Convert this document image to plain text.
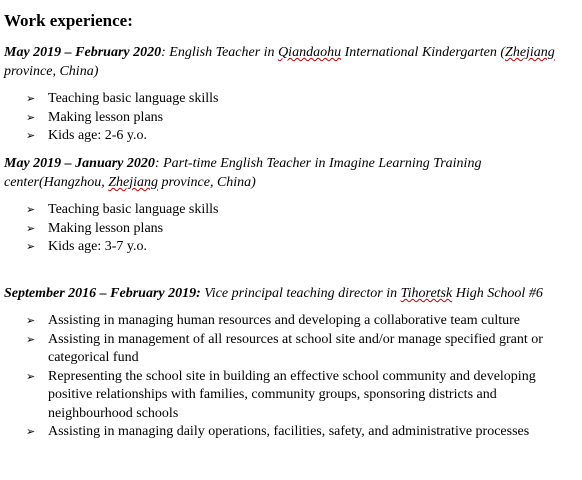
Work experience:
May 2019 – February 2020: English Teacher in Qiandaohu International Kindergarten (Zhejiang province, China)
➢ Teaching basic language skills
➢ Making lesson plans
➢ Kids age: 2-6 y.o.
May 2019 – January 2020: Part-time English Teacher in Imagine Learning Training center(Hangzhou, Zhejiang province, China)
➢ Teaching basic language skills
➢ Making lesson plans
➢ Kids age: 3-7 y.o.
September 2016 – February 2019: Vice principal teaching director in Tihoretsk High School #6
➢ Assisting in managing human resources and developing a collaborative team culture
➢ Assisting in management of all resources at school site and/or manage specified grant or categorical fund
➢ Representing the school site in building an effective school community and developing positive relationships with families, community groups, sponsoring districts and neighbourhood schools
➢ Assisting in managing daily operations, facilities, safety, and administrative processes
